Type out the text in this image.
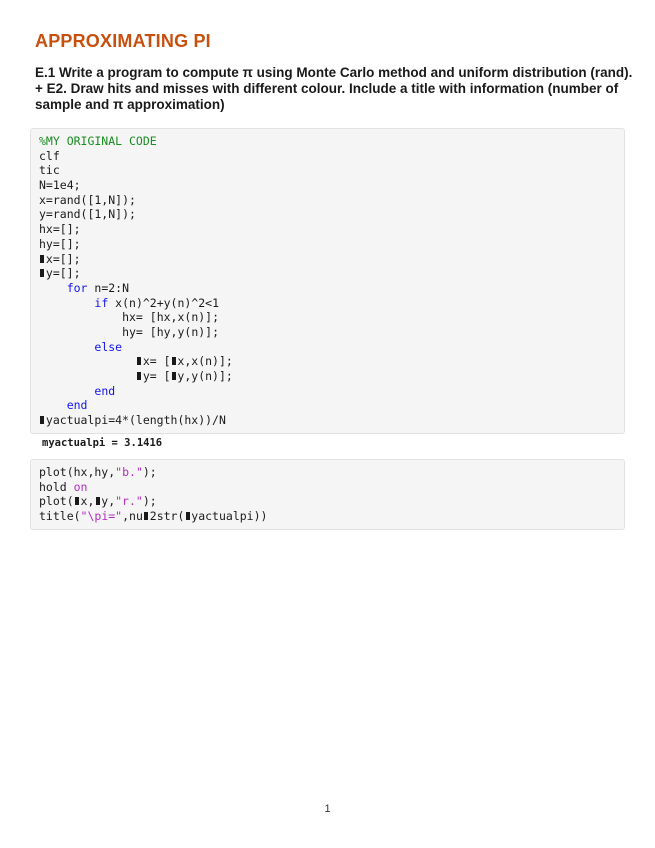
APPROXIMATING PI
E.1 Write a program to compute π using Monte Carlo method and uniform distribution (rand). + E2. Draw hits and misses with different colour. Include a title with information (number of sample and π approximation)
%MY ORIGINAL CODE
clf
tic
N=1e4;
x=rand([1,N]);
y=rand([1,N]);
hx=[];
hy=[];
x=[];
y=[];
for n=2:N
if x(n)^2+y(n)^2<1
hx= [hx,x(n)];
hy= [hy,y(n)];
else
x= [ x,x(n)];
y= [ y,y(n)];
end
end
yactualpi=4*(length(hx))/N
myactualpi = 3.1416
plot(hx,hy,"b.");
hold on
plot( x, y,"r.");
title("\pi=",nu 2str( yactualpi))
1
